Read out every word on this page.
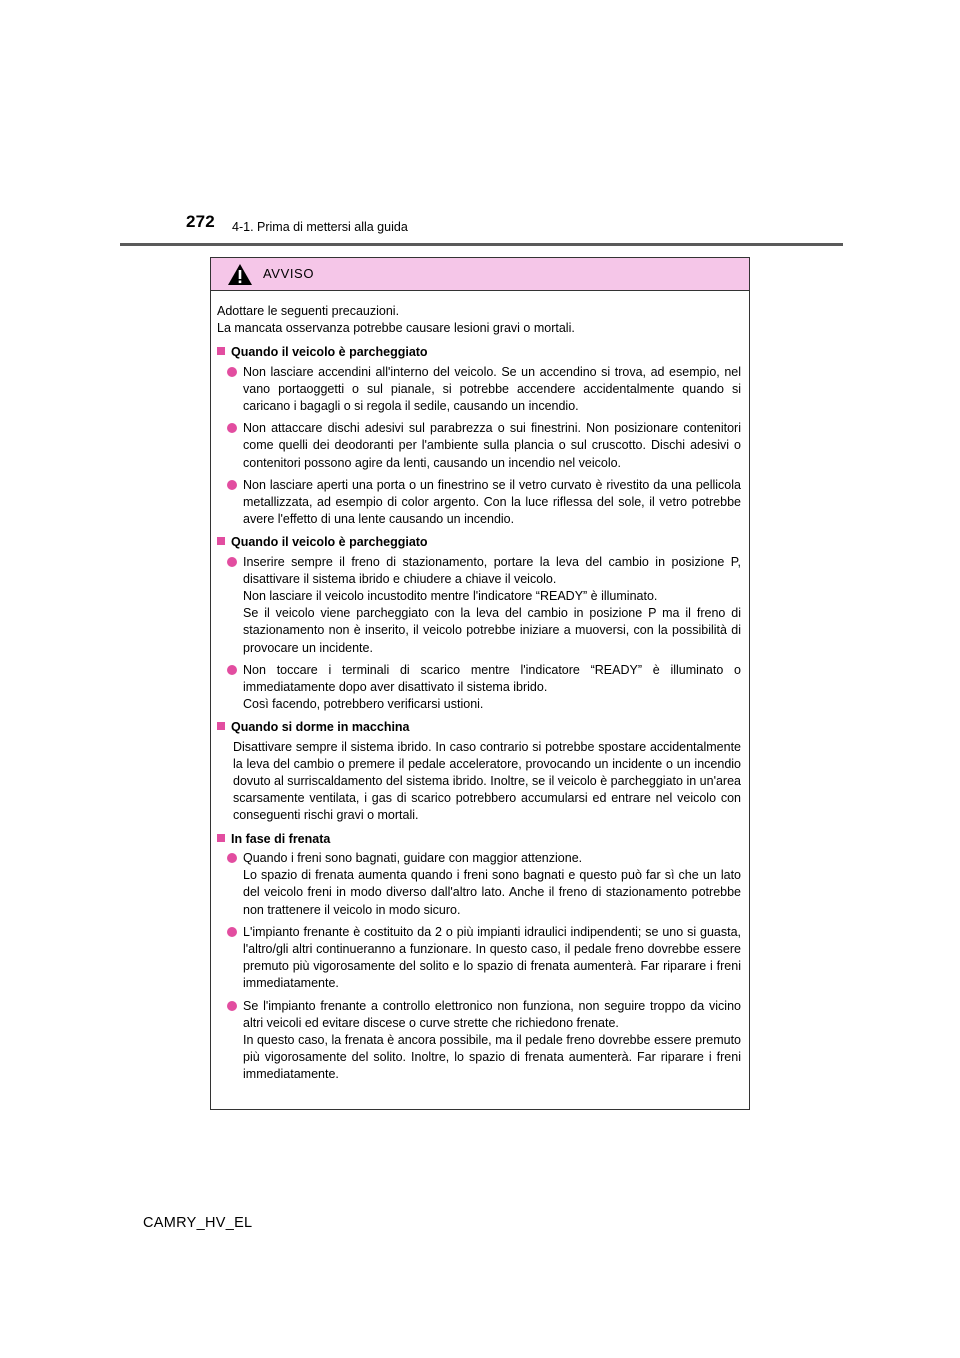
272 4-1. Prima di mettersi alla guida
AVVISO
Adottare le seguenti precauzioni.
La mancata osservanza potrebbe causare lesioni gravi o mortali.
Quando il veicolo è parcheggiato
Non lasciare accendini all'interno del veicolo. Se un accendino si trova, ad esempio, nel vano portaoggetti o sul pianale, si potrebbe accendere accidentalmente quando si caricano i bagagli o si regola il sedile, causando un incendio.
Non attaccare dischi adesivi sul parabrezza o sui finestrini. Non posizionare contenitori come quelli dei deodoranti per l'ambiente sulla plancia o sul cruscotto. Dischi adesivi o contenitori possono agire da lenti, causando un incendio nel veicolo.
Non lasciare aperti una porta o un finestrino se il vetro curvato è rivestito da una pellicola metallizzata, ad esempio di color argento. Con la luce riflessa del sole, il vetro potrebbe avere l'effetto di una lente causando un incendio.
Quando il veicolo è parcheggiato
Inserire sempre il freno di stazionamento, portare la leva del cambio in posizione P, disattivare il sistema ibrido e chiudere a chiave il veicolo.
Non lasciare il veicolo incustodito mentre l'indicatore “READY” è illuminato.
Se il veicolo viene parcheggiato con la leva del cambio in posizione P ma il freno di stazionamento non è inserito, il veicolo potrebbe iniziare a muoversi, con la possibilità di provocare un incidente.
Non toccare i terminali di scarico mentre l'indicatore “READY” è illuminato o immediatamente dopo aver disattivato il sistema ibrido.
Così facendo, potrebbero verificarsi ustioni.
Quando si dorme in macchina
Disattivare sempre il sistema ibrido. In caso contrario si potrebbe spostare accidentalmente la leva del cambio o premere il pedale acceleratore, provocando un incidente o un incendio dovuto al surriscaldamento del sistema ibrido. Inoltre, se il veicolo è parcheggiato in un'area scarsamente ventilata, i gas di scarico potrebbero accumularsi ed entrare nel veicolo con conseguenti rischi gravi o mortali.
In fase di frenata
Quando i freni sono bagnati, guidare con maggior attenzione.
Lo spazio di frenata aumenta quando i freni sono bagnati e questo può far sì che un lato del veicolo freni in modo diverso dall'altro lato. Anche il freno di stazionamento potrebbe non trattenere il veicolo in modo sicuro.
L'impianto frenante è costituito da 2 o più impianti idraulici indipendenti; se uno si guasta, l'altro/gli altri continueranno a funzionare. In questo caso, il pedale freno dovrebbe essere premuto più vigorosamente del solito e lo spazio di frenata aumenterà. Far riparare i freni immediatamente.
Se l'impianto frenante a controllo elettronico non funziona, non seguire troppo da vicino altri veicoli ed evitare discese o curve strette che richiedono frenate.
In questo caso, la frenata è ancora possibile, ma il pedale freno dovrebbe essere premuto più vigorosamente del solito. Inoltre, lo spazio di frenata aumenterà. Far riparare i freni immediatamente.
CAMRY_HV_EL
